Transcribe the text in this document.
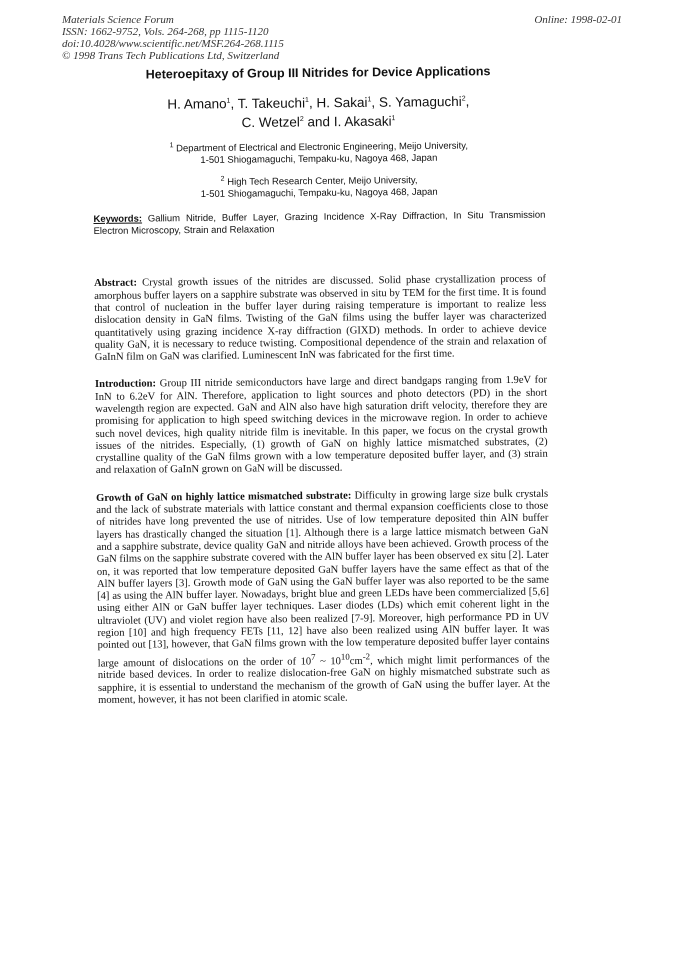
Materials Science Forum
ISSN: 1662-9752, Vols. 264-268, pp 1115-1120
doi:10.4028/www.scientific.net/MSF.264-268.1115
© 1998 Trans Tech Publications Ltd, Switzerland
Online: 1998-02-01
Heteroepitaxy of Group III Nitrides for Device Applications
H. Amano$^1$, T. Takeuchi$^1$, H. Sakai$^1$, S. Yamaguchi$^2$,
C. Wetzel$^2$ and I. Akasaki$^1$
$^1$ Department of Electrical and Electronic Engineering, Meijo University,
1-501 Shiogamaguchi, Tempaku-ku, Nagoya 468, Japan
$^2$ High Tech Research Center, Meijo University,
1-501 Shiogamaguchi, Tempaku-ku, Nagoya 468, Japan
Keywords: Gallium Nitride, Buffer Layer, Grazing Incidence X-Ray Diffraction, In Situ Transmission Electron Microscopy, Strain and Relaxation

Abstract: Crystal growth issues of the nitrides are discussed. Solid phase crystallization process of amorphous buffer layers on a sapphire substrate was observed in situ by TEM for the first time. It is found that control of nucleation in the buffer layer during raising temperature is important to realize less dislocation density in GaN films. Twisting of the GaN films using the buffer layer was characterized quantitatively using grazing incidence X-ray diffraction (GIXD) methods. In order to achieve device quality GaN, it is necessary to reduce twisting. Compositional dependence of the strain and relaxation of GaInN film on GaN was clarified. Luminescent InN was fabricated for the first time.

Introduction: Group III nitride semiconductors have large and direct bandgaps ranging from 1.9eV for InN to 6.2eV for AlN. Therefore, application to light sources and photo detectors (PD) in the short wavelength region are expected. GaN and AlN also have high saturation drift velocity, therefore they are promising for application to high speed switching devices in the microwave region. In order to achieve such novel devices, high quality nitride film is inevitable. In this paper, we focus on the crystal growth issues of the nitrides. Especially, (1) growth of GaN on highly lattice mismatched substrates, (2) crystalline quality of the GaN films grown with a low temperature deposited buffer layer, and (3) strain and relaxation of GaInN grown on GaN will be discussed.

Growth of GaN on highly lattice mismatched substrate: Difficulty in growing large size bulk crystals and the lack of substrate materials with lattice constant and thermal expansion coefficients close to those of nitrides have long prevented the use of nitrides. Use of low temperature deposited thin AlN buffer layers has drastically changed the situation [1]. Although there is a large lattice mismatch between GaN and a sapphire substrate, device quality GaN and nitride alloys have been achieved. Growth process of the GaN films on the sapphire substrate covered with the AlN buffer layer has been observed ex situ [2]. Later on, it was reported that low temperature deposited GaN buffer layers have the same effect as that of the AlN buffer layers [3]. Growth mode of GaN using the GaN buffer layer was also reported to be the same [4] as using the AlN buffer layer. Nowadays, bright blue and green LEDs have been commercialized [5,6] using either AlN or GaN buffer layer techniques. Laser diodes (LDs) which emit coherent light in the ultraviolet (UV) and violet region have also been realized [7-9]. Moreover, high performance PD in UV region [10] and high frequency FETs [11, 12] have also been realized using AlN buffer layer. It was pointed out [13], however, that GaN films grown with the low temperature deposited buffer layer contains large amount of dislocations on the order of $10^7$ ~ $10^{10}cm^{-2}$, which might limit performances of the nitride based devices. In order to realize dislocation-free GaN on highly mismatched substrate such as sapphire, it is essential to understand the mechanism of the growth of GaN using the buffer layer. At the moment, however, it has not been clarified in atomic scale.
